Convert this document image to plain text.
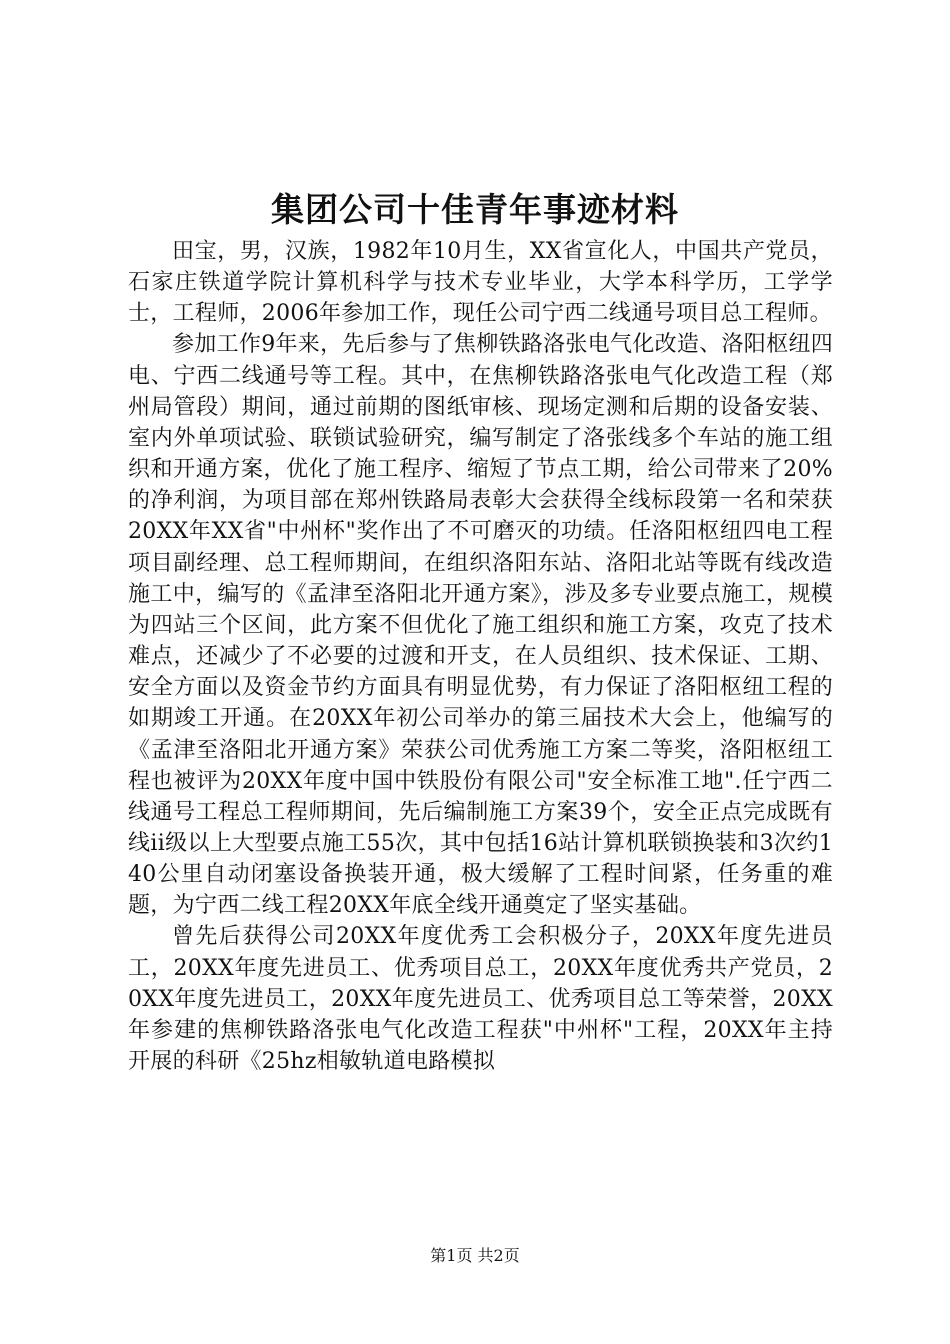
集团公司十佳青年事迹材料

田宝，男，汉族，1982年10月生，XX省宣化人，中国共产党员，石家庄铁道学院计算机科学与技术专业毕业，大学本科学历，工学学士，工程师，2006年参加工作，现任公司宁西二线通号项目总工程师。

参加工作9年来，先后参与了焦柳铁路洛张电气化改造、洛阳枢纽四电、宁西二线通号等工程。其中，在焦柳铁路洛张电气化改造工程（郑州局管段）期间，通过前期的图纸审核、现场定测和后期的设备安装、室内外单项试验、联锁试验研究，编写制定了洛张线多个车站的施工组织和开通方案，优化了施工程序、缩短了节点工期，给公司带来了20%的净利润，为项目部在郑州铁路局表彰大会获得全线标段第一名和荣获20XX年XX省"中州杯"奖作出了不可磨灭的功绩。任洛阳枢纽四电工程项目副经理、总工程师期间，在组织洛阳东站、洛阳北站等既有线改造施工中，编写的《孟津至洛阳北开通方案》，涉及多专业要点施工，规模为四站三个区间，此方案不但优化了施工组织和施工方案，攻克了技术难点，还减少了不必要的过渡和开支，在人员组织、技术保证、工期、安全方面以及资金节约方面具有明显优势，有力保证了洛阳枢纽工程的如期竣工开通。在20XX年初公司举办的第三届技术大会上，他编写的《孟津至洛阳北开通方案》荣获公司优秀施工方案二等奖，洛阳枢纽工程也被评为20XX年度中国中铁股份有限公司"安全标准工地".任宁西二线通号工程总工程师期间，先后编制施工方案39个，安全正点完成既有线ii级以上大型要点施工55次，其中包括16站计算机联锁换装和3次约140公里自动闭塞设备换装开通，极大缓解了工程时间紧，任务重的难题，为宁西二线工程20XX年底全线开通奠定了坚实基础。

曾先后获得公司20XX年度优秀工会积极分子，20XX年度先进员工，20XX年度先进员工、优秀项目总工，20XX年度优秀共产党员，20XX年度先进员工，20XX年度先进员工、优秀项目总工等荣誉，20XX年参建的焦柳铁路洛张电气化改造工程获"中州杯"工程，20XX年主持开展的科研《25hz相敏轨道电路模拟

第1页 共2页
